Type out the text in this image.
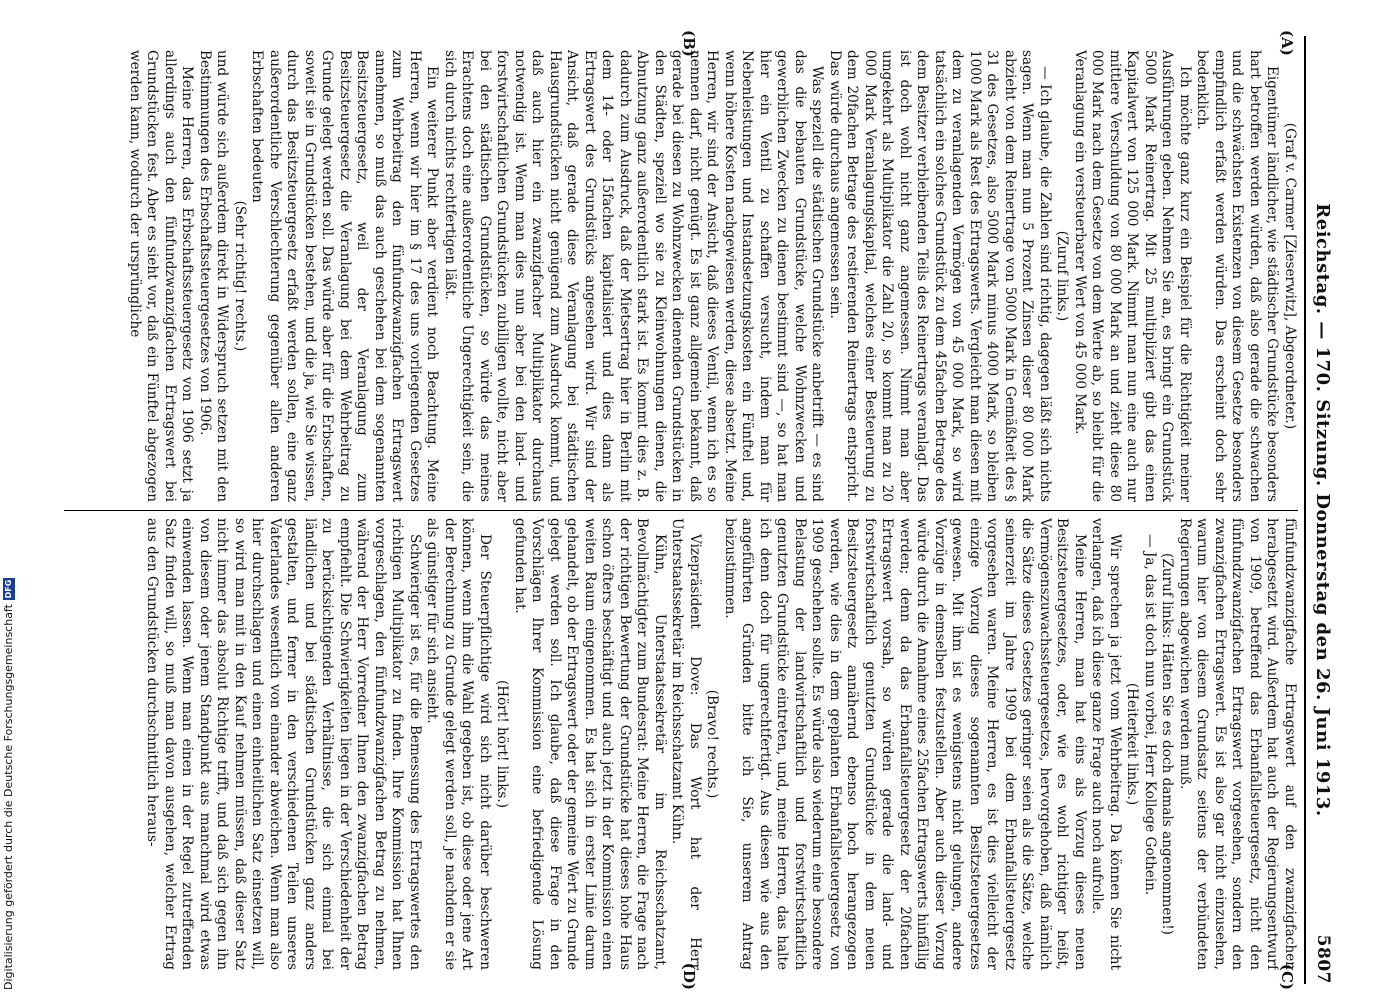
Reichstag. — 170. Sitzung. Donnerstag den 26. Juni 1913.
5807
(A)
(B)
(C)
(D)

(Graf v. Carmer [Zieserwitz], Abgeordneter.)

Eigentümer ländlicher, wie städtischer Grundstücke besonders hart betroffen werden würden, daß also gerade die schwachen und die schwächsten Existenzen von diesem Gesetze besonders empfindlich erfaßt werden würden. Das erscheint doch sehr bedenklich.

Ich möchte ganz kurz ein Beispiel für die Richtigkeit meiner Ausführungen geben. Nehmen Sie an, es bringt ein Grundstück 5000 Mark Reinertrag. Mit 25 multipliziert gibt das einen Kapitalwert von 125 000 Mark. Nimmt man nun eine auch nur mittlere Verschuldung von 80 000 Mark an und zieht diese 80 000 Mark nach dem Gesetze von dem Werte ab, so bleibt für die Veranlagung ein versteuerbarer Wert von 45 000 Mark.

(Zuruf links.)

— Ich glaube, die Zahlen sind richtig, dagegen läßt sich nichts sagen. Wenn man nun 5 Prozent Zinsen dieser 80 000 Mark abzieht von dem Reinertrage von 5000 Mark in Gemäßheit des § 31 des Gesetzes, also 5000 Mark minus 4000 Mark, so bleiben 1000 Mark als Rest des Ertragswerts. Vergleicht man diesen mit dem zu veranlagenden Vermögen von 45 000 Mark, so wird tatsächlich ein solches Grundstück zu dem 45fachen Betrage des dem Besitzer verbleibenden Teils des Reinertrags veranlagt. Das ist doch wohl nicht ganz angemessen. Nimmt man aber umgekehrt als Multiplikator die Zahl 20, so kommt man zu 20 000 Mark Veranlagungskapital, welches einer Besteuerung zu dem 20fachen Betrage des restierenden Reinertrags entspricht. Das würde durchaus angemessen sein.

Was speziell die städtischen Grundstücke anbetrifft — es sind das die bebauten Grundstücke, welche Wohnzwecken und gewerblichen Zwecken zu dienen bestimmt sind —, so hat man hier ein Ventil zu schaffen versucht, indem man für Nebenleistungen und Instandsetzungskosten ein Fünftel und, wenn höhere Kosten nachgewiesen werden, diese absetzt. Meine Herren, wir sind der Ansicht, daß dieses Ventil, wenn ich es so nennen darf, nicht genügt. Es ist ganz allgemein bekannt, daß gerade bei diesen zu Wohnzwecken dienenden Grundstücken in den Städten, speziell wo sie zu Kleinwohnungen dienen, die Abnutzung ganz außerordentlich stark ist. Es kommt dies z. B. dadurch zum Ausdruck, daß der Mietsertrag hier in Berlin mit dem 14- oder 15fachen kapitalisiert und dies dann als Ertragswert des Grundstücks angesehen wird. Wir sind der Ansicht, daß gerade diese Veranlagung bei städtischen Hausgrundstücken nicht genügend zum Ausdruck kommt, und daß auch hier ein zwanzigfacher Multiplikator durchaus notwendig ist. Wenn man dies nun aber bei den land- und forstwirtschaftlichen Grundstücken zubilligen wollte, nicht aber bei den städtischen Grundstücken, so würde das meines Erachtens doch eine außerordentliche Ungerechtigkeit sein, die sich durch nichts rechtfertigen läßt.

Ein weiterer Punkt aber verdient noch Beachtung. Meine Herren, wenn wir hier im § 17 des uns vorliegenden Gesetzes zum Wehrbeitrag den fünfundzwanzigfachen Ertragswert annehmen, so muß das auch geschehen bei dem sogenannten Besitzsteuergesetz, weil der Veranlagung zum Besitzsteuergesetz die Veranlagung bei dem Wehrbeitrag zu Grunde gelegt werden soll. Das würde aber für die Erbschaften, soweit sie in Grundstücken bestehen, und die ja, wie Sie wissen, durch das Besitzsteuergesetz erfaßt werden sollen, eine ganz außerordentliche Verschlechterung gegenüber allen anderen Erbschaften bedeuten

(Sehr richtig! rechts.)

und würde sich außerdem direkt in Widerspruch setzen mit den Bestimmungen des Erbschaftssteuergesetzes von 1906.

Meine Herren, das Erbschaftssteuergesetz von 1906 setzt ja allerdings auch den fünfundzwanzigfachen Ertragswert bei Grundstücken fest. Aber es sieht vor, daß ein Fünftel abgezogen werden kann, wodurch der ursprüngliche

fünfundzwanzigfache Ertragswert auf den zwanzigfachen herabgesetzt wird. Außerdem hat auch der Regierungsentwurf von 1909, betreffend das Erbanfallsteuergesetz, nicht den fünfundzwanzigfachen Ertragswert vorgesehen, sondern den zwanzigfachen Ertragswert. Es ist also gar nicht einzusehen, warum hier von diesem Grundsatz seitens der verbündeten Regierungen abgewichen werden muß.

(Zuruf links: Hätten Sie es doch damals angenommen!)

— Ja, das ist doch nun vorbei, Herr Kollege Gothein.

(Heiterkeit links.)

Wir sprechen ja jetzt vom Wehrbeitrag. Da können Sie nicht verlangen, daß ich diese ganze Frage auch noch aufrolle.

Meine Herren, man hat eins als Vorzug dieses neuen Besitzsteuergesetzes, oder, wie es wohl richtiger heißt, Vermögenszuwachssteuergesetzes, hervorgehoben, daß nämlich die Sätze dieses Gesetzes geringer seien als die Sätze, welche seinerzeit im Jahre 1909 bei dem Erbanfallsteuergesetz vorgesehen waren. Meine Herren, es ist dies vielleicht der einzige Vorzug dieses sogenannten Besitzsteuergesetzes gewesen. Mit ihm ist es wenigstens nicht gelungen, andere Vorzüge in demselben festzustellen. Aber auch dieser Vorzug würde durch die Annahme eines 25fachen Ertragswerts hinfällig werden; denn da das Erbanfallsteuergesetz der 20fachen Ertragswert vorsah, so würden gerade die land- und forstwirtschaftlich genutzten Grundstücke in dem neuen Besitzsteuergesetz annähernd ebenso hoch herangezogen werden, wie dies in dem geplanten Erbanfallsteuergesetz von 1909 geschehen sollte. Es würde also wiederum eine besondere Belastung der landwirtschaftlich und forstwirtschaftlich genutzten Grundstücke eintreten, und, meine Herren, das halte ich denn doch für ungerechtfertigt. Aus diesen wie aus den angeführten Gründen bitte ich Sie, unserem Antrag beizustimmen.

(Bravo! rechts.)

Vizepräsident Dove: Das Wort hat der Herr Unterstaatssekretär im Reichsschatzamt Kühn.

Kühn, Unterstaatssekretär im Reichsschatzamt, Bevollmächtigter zum Bundesrat: Meine Herren, die Frage nach der richtigen Bewertung der Grundstücke hat dieses hohe Haus schon öfters beschäftigt und auch jetzt in der Kommission einen weiten Raum eingenommen. Es hat sich in erster Linie darum gehandelt, ob der Ertragswert oder der gemeine Wert zu Grunde gelegt werden soll. Ich glaube, daß diese Frage in den Vorschlägen Ihrer Kommission eine befriedigende Lösung gefunden hat.

(Hört! hört! links.)

Der Steuerpflichtige wird sich nicht darüber beschweren können, wenn ihm die Wahl gegeben ist, ob diese oder jene Art der Berechnung zu Grunde gelegt werden soll, je nachdem er sie als günstiger für sich ansieht.

Schwieriger ist es, für die Bemessung des Ertragswertes den richtigen Multiplikator zu finden. Ihre Kommission hat Ihnen vorgeschlagen, den fünfundzwanzigfachen Betrag zu nehmen, während der Herr Vorredner Ihnen den zwanzigfachen Betrag empfiehlt. Die Schwierigkeiten liegen in der Verschiedenheit der zu berücksichtigenden Verhältnisse, die sich einmal bei ländlichen und bei städtischen Grundstücken ganz anders gestalten, und ferner in den verschiedenen Teilen unseres Vaterlandes wesentlich von einander abweichen. Wenn man also hier durchschlagen und einen einheitlichen Satz einsetzen will, so wird man mit in den Kauf nehmen müssen, daß dieser Satz nicht immer das absolut Richtige trifft, und daß sich gegen ihn von diesem oder jenem Standpunkt aus manchmal wird etwas einwenden lassen. Wenn man einen in der Regel zutreffenden Satz finden will, so muß man davon ausgehen, welcher Ertrag aus den Grundstücken durchschnittlich heraus-

Digitalisierung gefördert durch die Deutsche Forschungsgemeinschaft
DFG
